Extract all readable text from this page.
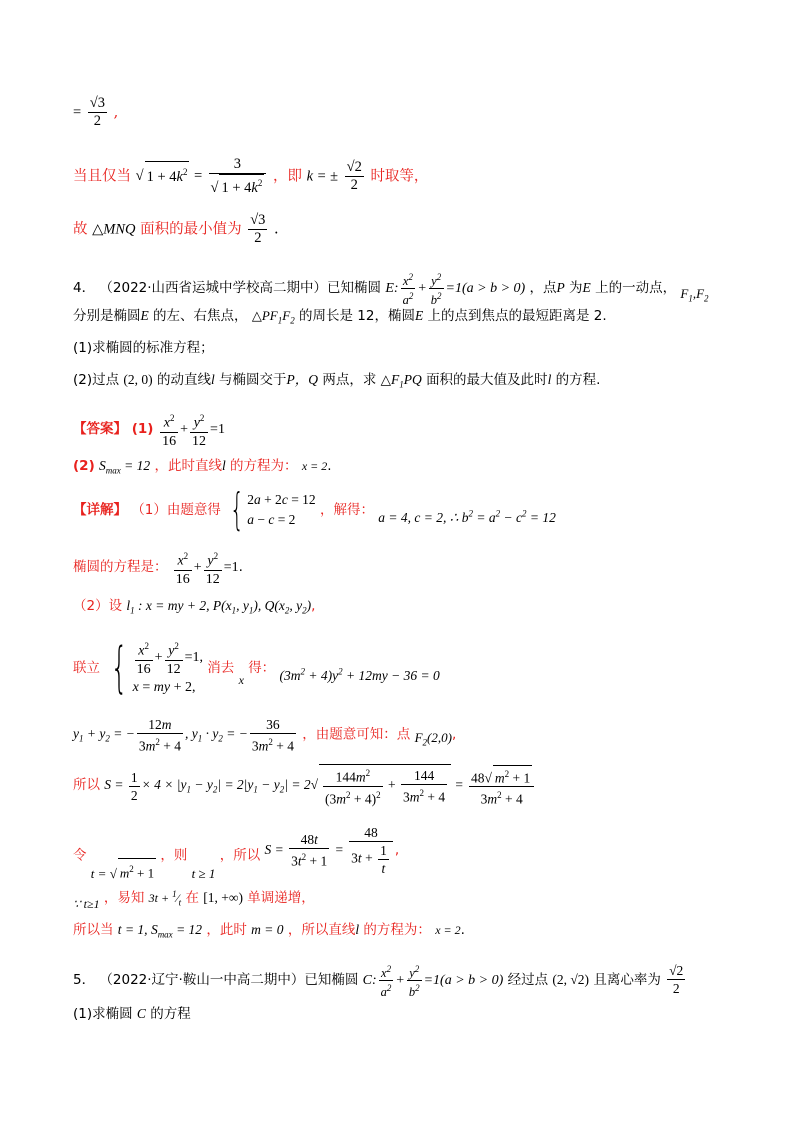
= $\frac{√3}{2}$ ,
当且仅当 √ $1 + 4k^2 = \frac{3}{√ 1 + 4k^2}$ ，即 k = ± $\frac{√2}{2}$ 时取等，
故 △MNQ 面积的最小值为 $\frac{√3}{2}$ .
4． （2022·山西省运城中学校高二期中）已知椭圆 E: $\frac{x^2}{a^2} + \frac{y^2}{b^2} =1(a > b > 0)$ ，点P 为E 上的一动点， $F_1,F_2$
分别是椭圆E 的左、右焦点， $\triangle PF_1F_2$ 的周长是 12，椭圆E 上的点到焦点的最短距离是 2.
(1)求椭圆的标准方程；
(2)过点 (2, 0) 的动直线l 与椭圆交于P，Q 两点，求 $\triangle F_1PQ$ 面积的最大值及此时l 的方程.
【答案】 $(1) \frac{x^2}{16} + \frac{y^2}{12} =1$
(2) $S_{max} = 12$ ，此时直线l 的方程为： x = 2.
【详解】 （1）由题意得 { 2a + 2c = 12
a − c = 2
，解得： a = 4, c = 2, ∴ $b^2 = a^2 - c^2 = 12$
椭圆的方程是： $\frac{x^2}{16} + \frac{y^2}{12} =1$.
（2）设 $l_1$ : x = my + 2, $P(x_1$, $y_1$), $Q(x_2$, $y_2$),
联立 { $\frac{x^2}{16} + \frac{y^2}{12} =1$,
x = my + 2,
消去 x 得： $(3m^2 + 4)y^2 + 12my - 36 = 0$
$y_1 + y_2$ = − $\frac{12m}{3m^2 + 4}$ , $y_1 \cdot y_2$ = − $\frac{36}{3m^2 + 4}$ ，由题意可知：点 $F_2(2,0)$,
所以 $S = \frac{1}{2} \times 4 \times |y_1 - y_2| = 2|y_1 - y_2| = 2√ \frac{144m^2}{(3m^2 + 4)^2} + \frac{144}{3m^2 + 4} = \frac{48√ m^2 + 1}{3m^2 + 4}$
令 t = √ $m^2 + 1$ ，则 t ≥ 1 ，所以 $S = \frac{48t}{3t^2 + 1} = \frac{48}{3t + \frac{1}{t}}$ ,
∵ t≥1 ，易知 $3t + ^1⁄_t$ 在 [1, +∞) 单调递增，
所以当 t = 1, $S_{max} = 12$ ，此时 m = 0 ，所以直线l 的方程为： x = 2.
5． （2022·辽宁·鞍山一中高二期中）已知椭圆 C: $\frac{x^2}{a^2} + \frac{y^2}{b^2} =1(a > b > 0)$ 经过点 (2, √2) 且离心率为 $\frac{√2}{2}$
(1)求椭圆 C 的方程
